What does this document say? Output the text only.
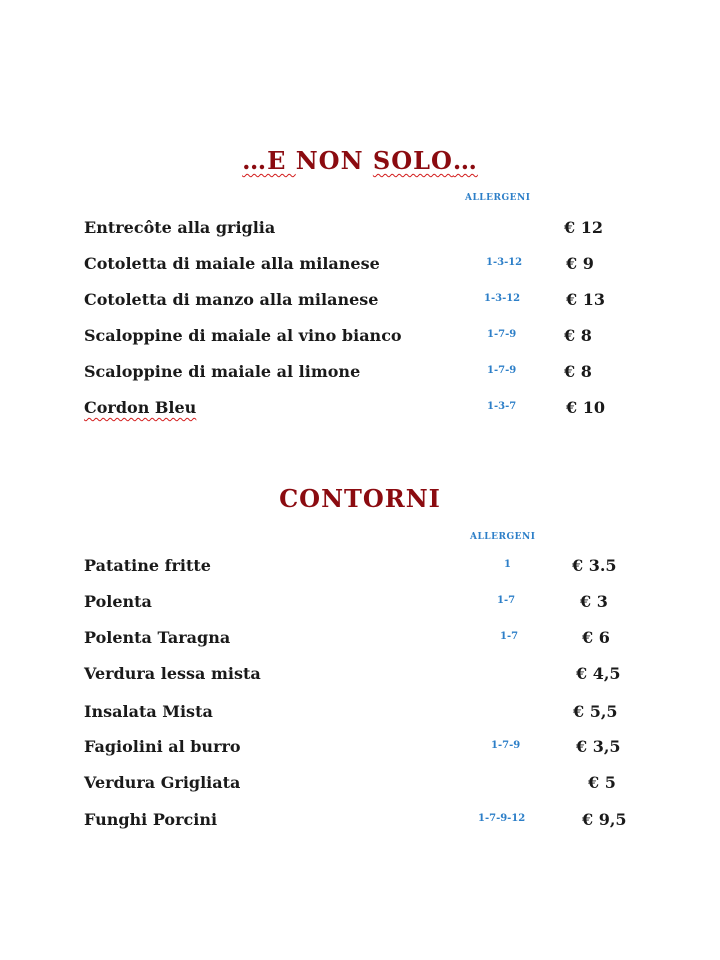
…E NON SOLO…
ALLERGENI
Entrecôte alla griglia	€ 12
Cotoletta di maiale alla milanese	1-3-12	€ 9
Cotoletta di manzo alla milanese	1-3-12	€ 13
Scaloppine di maiale al vino bianco	1-7-9	€ 8
Scaloppine di maiale al limone	1-7-9	€ 8
Cordon Bleu	1-3-7	€ 10
CONTORNI
ALLERGENI
Patatine fritte	1	€ 3.5
Polenta	1-7	€ 3
Polenta Taragna	1-7	€ 6
Verdura lessa mista	€ 4,5
Insalata Mista	€ 5,5
Fagiolini al burro	1-7-9	€ 3,5
Verdura Grigliata	€ 5
Funghi Porcini	1-7-9-12	€ 9,5
